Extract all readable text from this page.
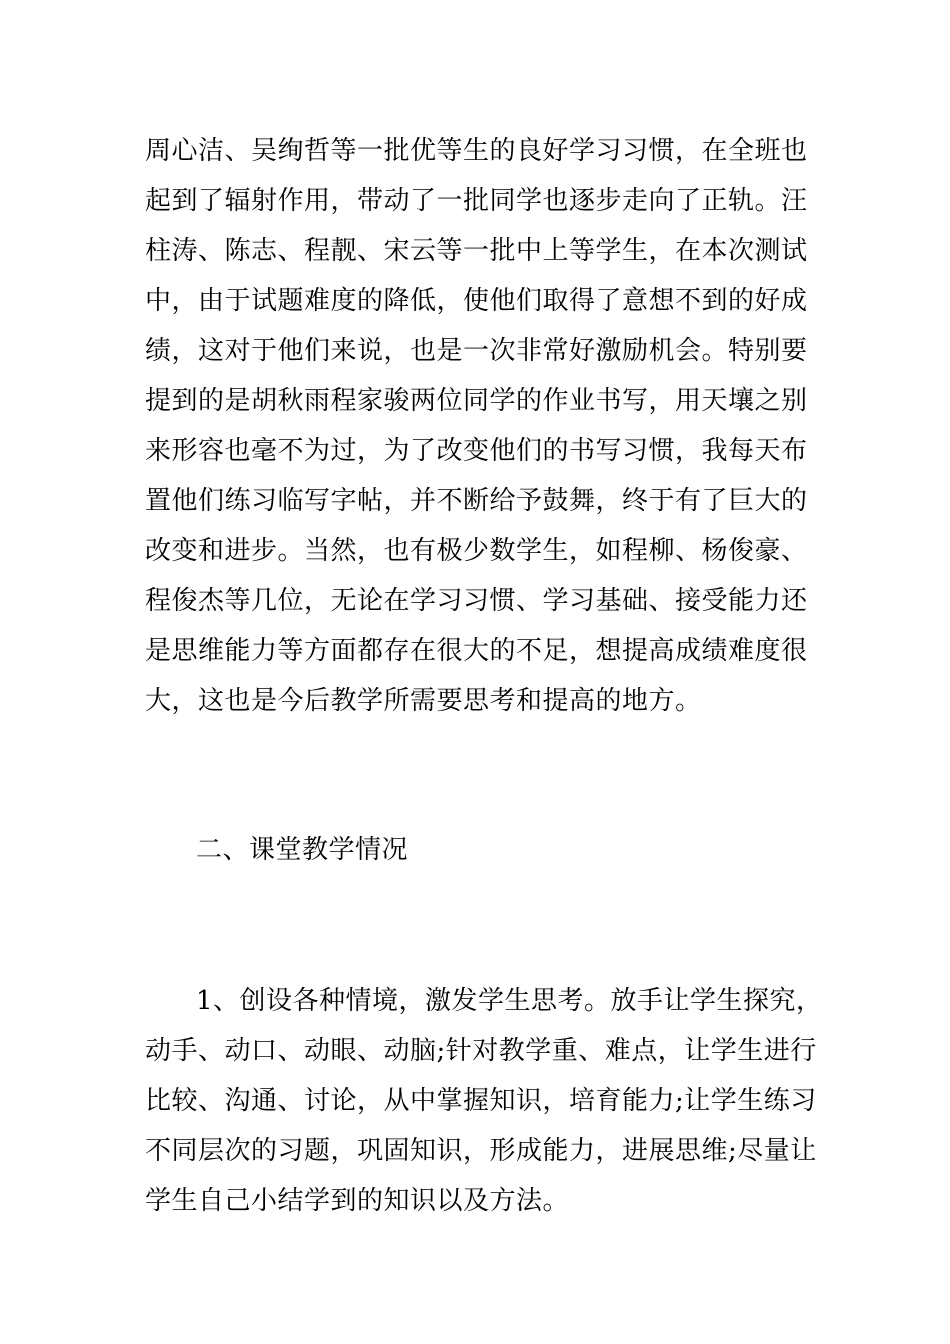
周心洁、吴绚哲等一批优等生的良好学习习惯，在全班也
起到了辐射作用，带动了一批同学也逐步走向了正轨。汪
柱涛、陈志、程靓、宋云等一批中上等学生，在本次测试
中，由于试题难度的降低，使他们取得了意想不到的好成
绩，这对于他们来说，也是一次非常好激励机会。特别要
提到的是胡秋雨程家骏两位同学的作业书写，用天壤之别
来形容也毫不为过，为了改变他们的书写习惯，我每天布
置他们练习临写字帖，并不断给予鼓舞，终于有了巨大的
改变和进步。当然，也有极少数学生，如程柳、杨俊豪、
程俊杰等几位，无论在学习习惯、学习基础、接受能力还
是思维能力等方面都存在很大的不足，想提高成绩难度很
大，这也是今后教学所需要思考和提高的地方。
二、课堂教学情况
1、创设各种情境，激发学生思考。放手让学生探究，
动手、动口、动眼、动脑;针对教学重、难点，让学生进行
比较、沟通、讨论，从中掌握知识，培育能力;让学生练习
不同层次的习题，巩固知识，形成能力，进展思维;尽量让
学生自己小结学到的知识以及方法。
